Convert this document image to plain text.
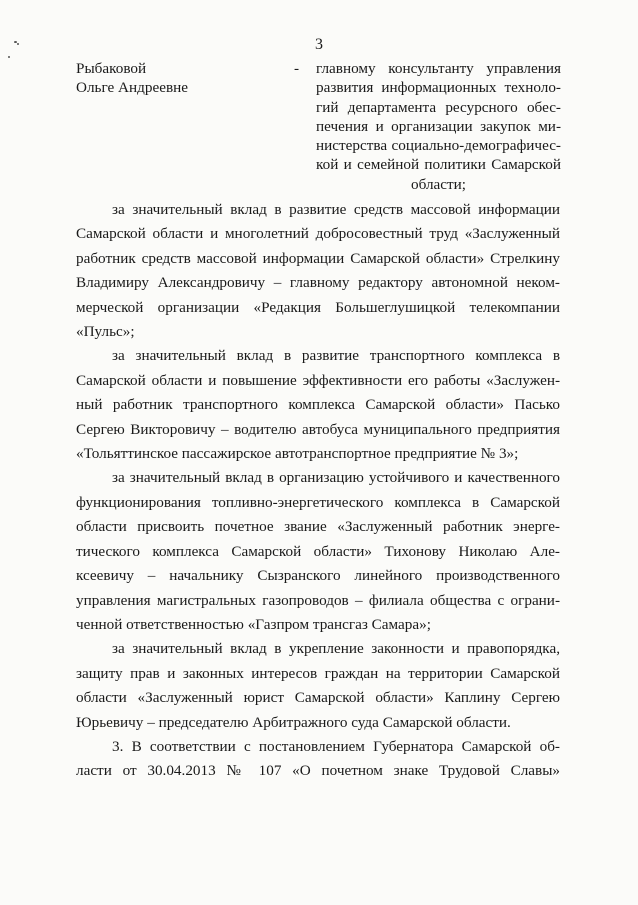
3
Рыбаковой
Ольге Андреевне
- главному консультанту управления
развития информационных техноло-
гий департамента ресурсного обес-
печения и организации закупок ми-
нистерства социально-демографичес-
кой и семейной политики Самарской
области;
за значительный вклад в развитие средств массовой информации
Самарской области и многолетний добросовестный труд «Заслуженный
работник средств массовой информации Самарской области» Стрелкину
Владимиру Александровичу – главному редактору автономной неком-
мерческой организации «Редакция Большеглушицкой телекомпании
«Пульс»;
за значительный вклад в развитие транспортного комплекса в
Самарской области и повышение эффективности его работы «Заслужен-
ный работник транспортного комплекса Самарской области» Пасько
Сергею Викторовичу – водителю автобуса муниципального предприятия
«Тольяттинское пассажирское автотранспортное предприятие № 3»;
за значительный вклад в организацию устойчивого и качественного
функционирования топливно-энергетического комплекса в Самарской
области присвоить почетное звание «Заслуженный работник энерге-
тического комплекса Самарской области» Тихонову Николаю Але-
ксеевичу – начальнику Сызранского линейного производственного
управления магистральных газопроводов – филиала общества с ограни-
ченной ответственностью «Газпром трансгаз Самара»;
за значительный вклад в укрепление законности и правопорядка,
защиту прав и законных интересов граждан на территории Самарской
области «Заслуженный юрист Самарской области» Каплину Сергею
Юрьевичу – председателю Арбитражного суда Самарской области.
3. В соответствии с постановлением Губернатора Самарской об-
ласти от 30.04.2013 № 107 «О почетном знаке Трудовой Славы»
